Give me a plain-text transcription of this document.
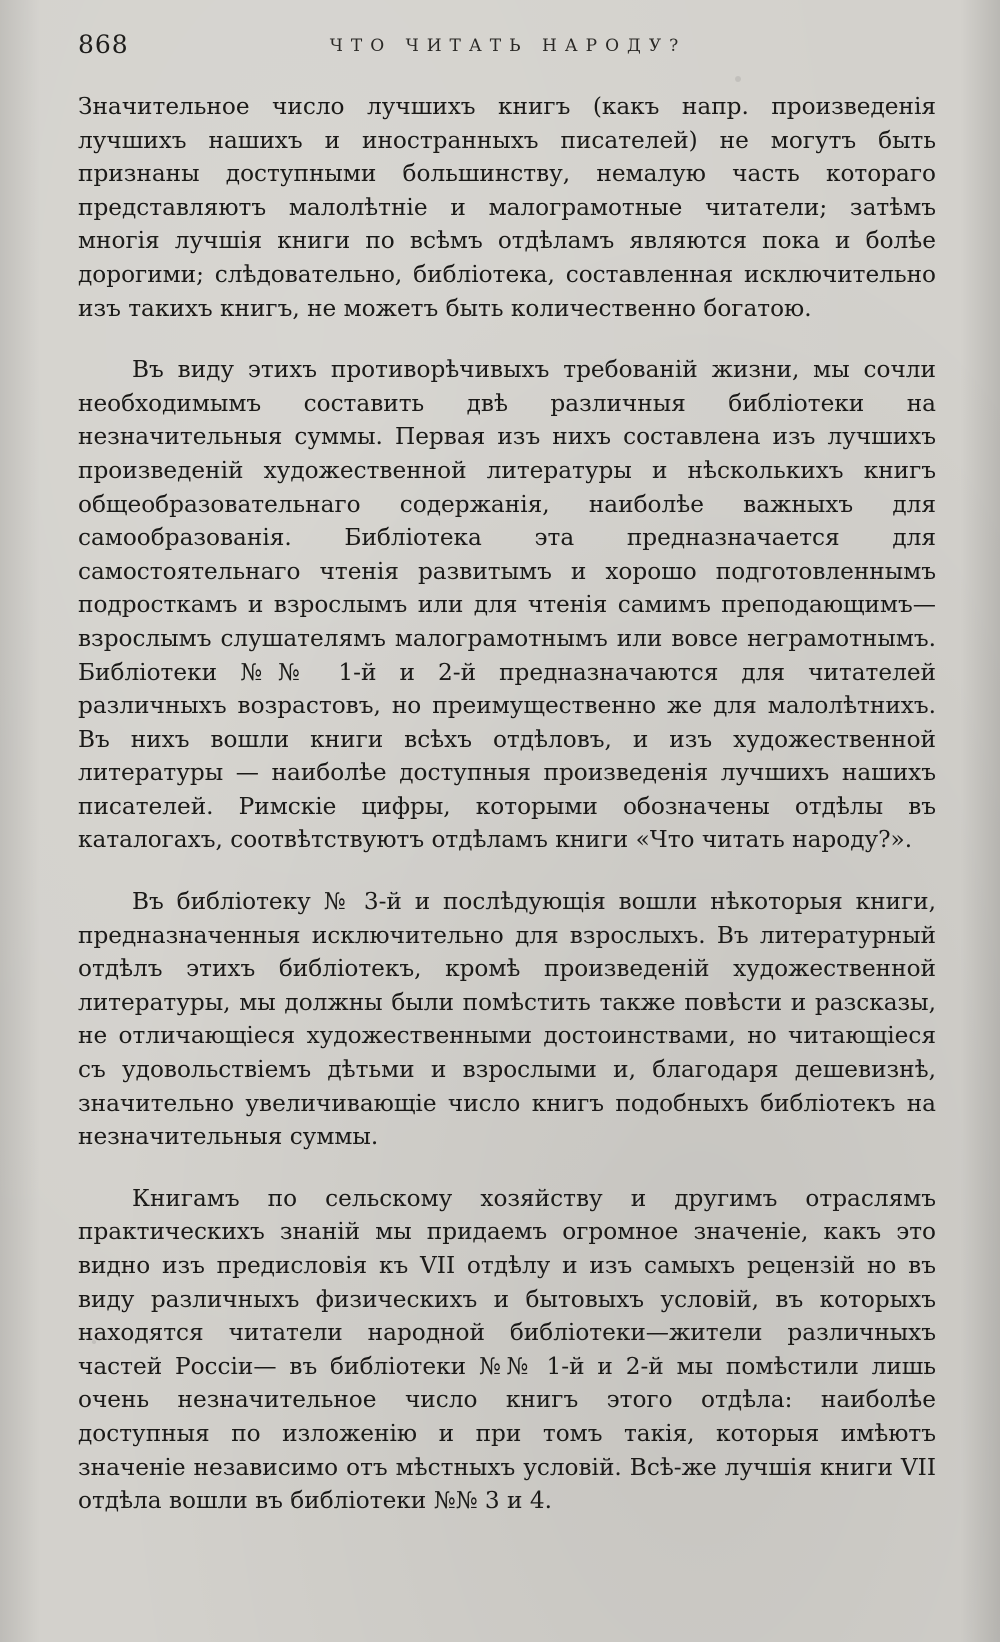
868	ЧТО ЧИТАТЬ НАРОДУ?

Значительное число лучшихъ книгъ (какъ напр. произведенія лучшихъ нашихъ и иностранныхъ писателей) не могутъ быть признаны доступными большинству, немалую часть котораго представляютъ малолѣтніе и малограмотные читатели; затѣмъ многія лучшія книги по всѣмъ отдѣламъ являются пока и болѣе дорогими; слѣдовательно, библіотека, составленная исключительно изъ такихъ книгъ, не можетъ быть количественно богатою.

Въ виду этихъ противорѣчивыхъ требованій жизни, мы сочли необходимымъ составить двѣ различныя библіотеки на незначительныя суммы. Первая изъ нихъ составлена изъ лучшихъ произведеній художественной литературы и нѣсколькихъ книгъ общеобразовательнаго содержанія, наиболѣе важныхъ для самообразованія. Библіотека эта предназначается для самостоятельнаго чтенія развитымъ и хорошо подготовленнымъ подросткамъ и взрослымъ или для чтенія самимъ преподающимъ—взрослымъ слушателямъ малограмотнымъ или вовсе неграмотнымъ. Библіотеки №№ 1-й и 2-й предназначаются для читателей различныхъ возрастовъ, но преимущественно же для малолѣтнихъ. Въ нихъ вошли книги всѣхъ отдѣловъ, и изъ художественной литературы — наиболѣе доступныя произведенія лучшихъ нашихъ писателей. Римскіе цифры, которыми обозначены отдѣлы въ каталогахъ, соотвѣтствуютъ отдѣламъ книги «Что читать народу?».

Въ библіотеку № 3-й и послѣдующія вошли нѣкоторыя книги, предназначенныя исключительно для взрослыхъ. Въ литературный отдѣлъ этихъ библіотекъ, кромѣ произведеній художественной литературы, мы должны были помѣстить также повѣсти и разсказы, не отличающіеся художественными достоинствами, но читающіеся съ удовольствіемъ дѣтьми и взрослыми и, благодаря дешевизнѣ, значительно увеличивающіе число книгъ подобныхъ библіотекъ на незначительныя суммы.

Книгамъ по сельскому хозяйству и другимъ отраслямъ практическихъ знаній мы придаемъ огромное значеніе, какъ это видно изъ предисловія къ VII отдѣлу и изъ самыхъ рецензій но въ виду различныхъ физическихъ и бытовыхъ условій, въ которыхъ находятся читатели народной библіотеки—жители различныхъ частей Россіи— въ библіотеки №№ 1-й и 2-й мы помѣстили лишь очень незначительное число книгъ этого отдѣла: наиболѣе доступныя по изложенію и при томъ такія, которыя имѣютъ значеніе независимо отъ мѣстныхъ условій. Всѣ-же лучшія книги VII отдѣла вошли въ библіотеки №№ 3 и 4.
